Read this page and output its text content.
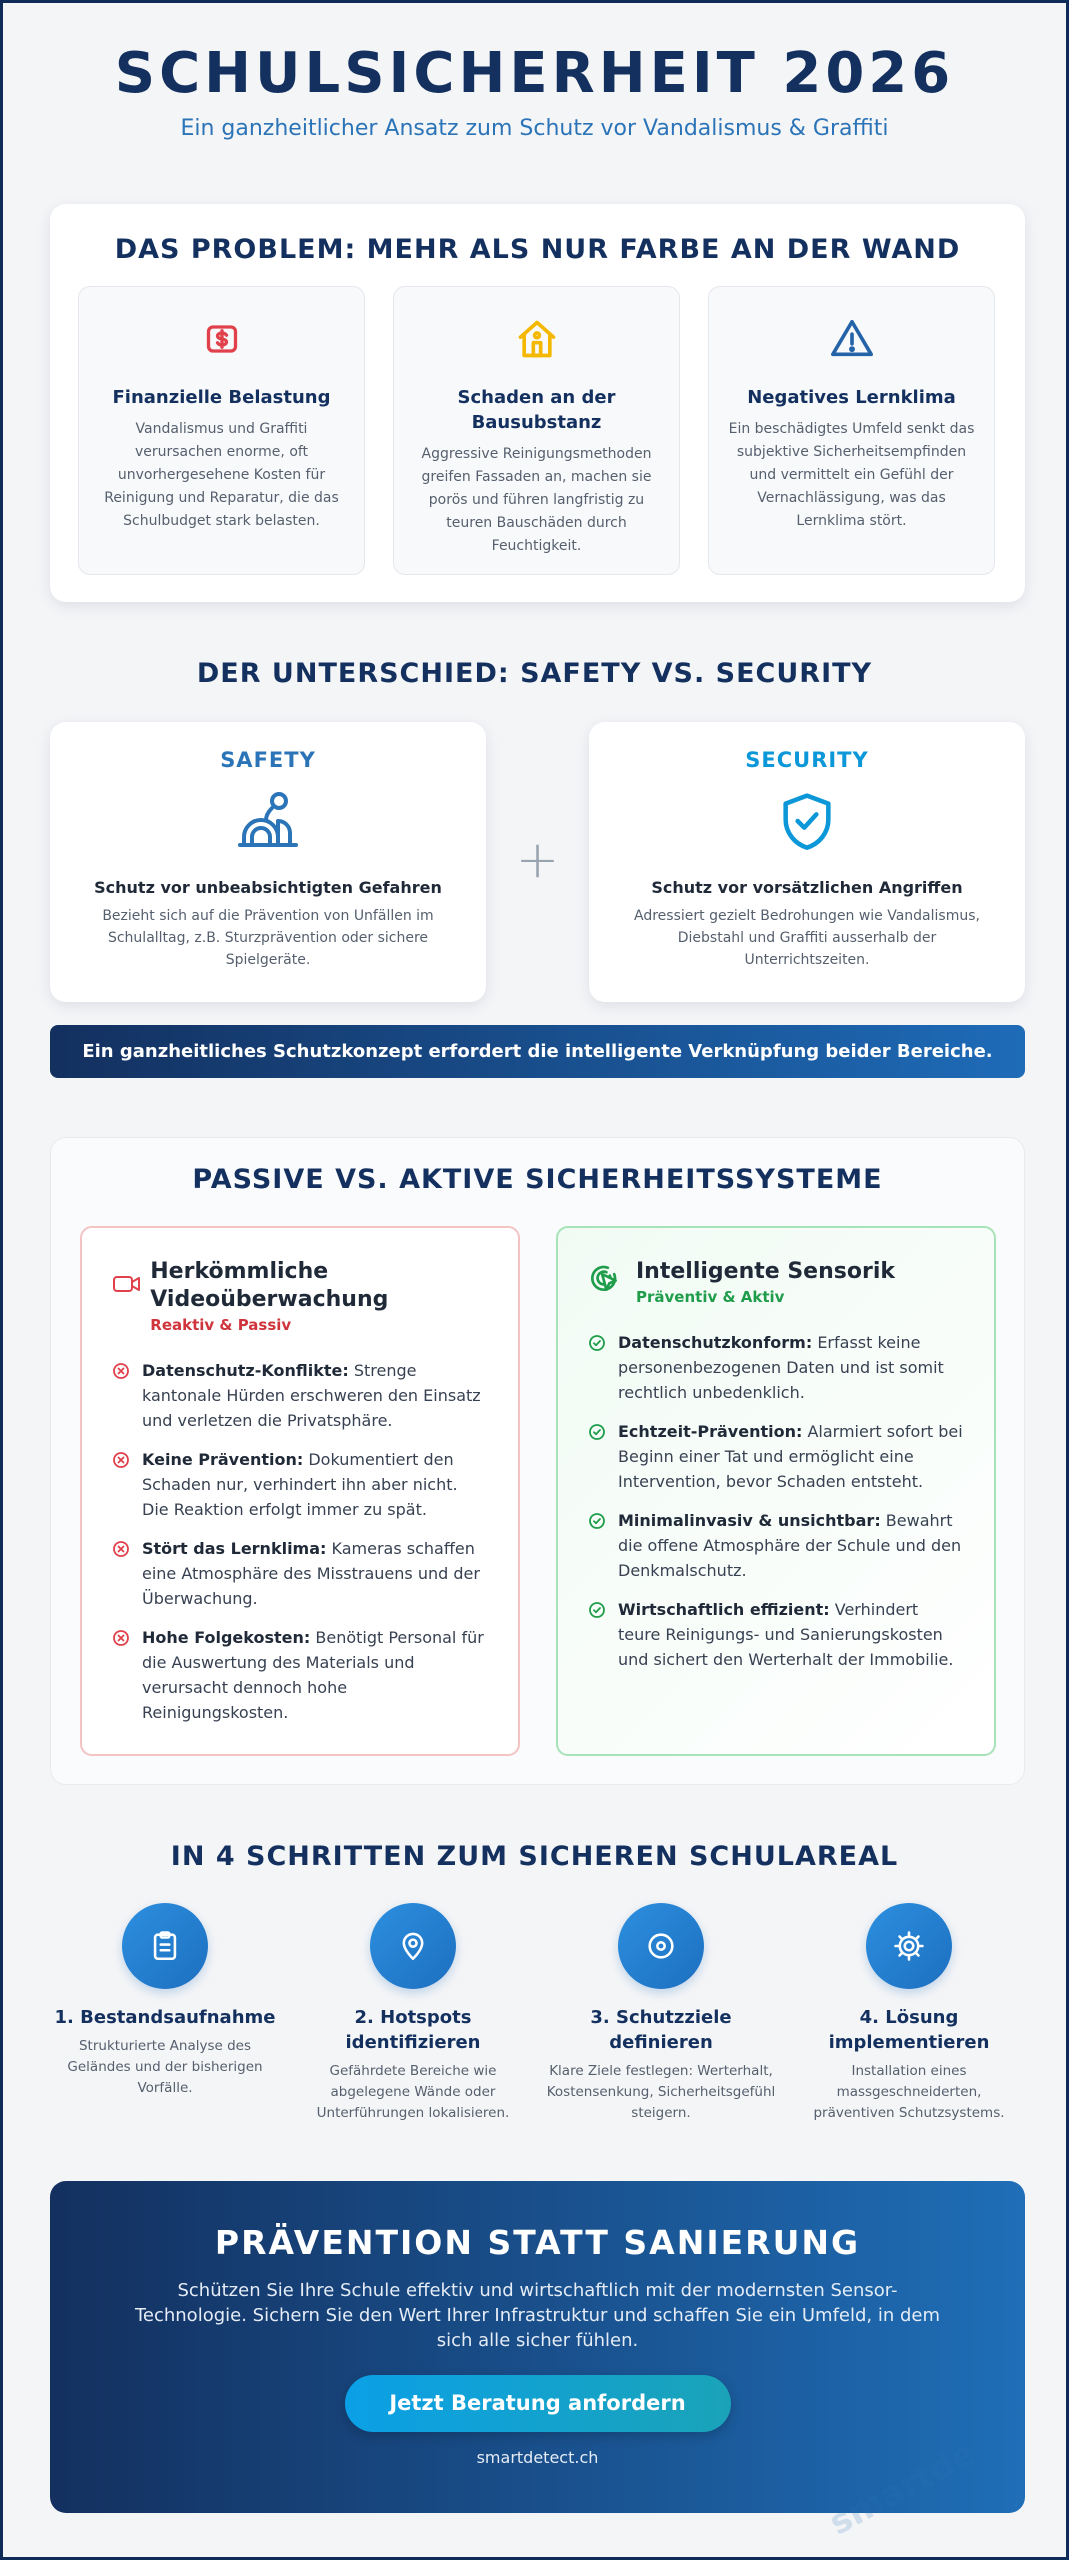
SCHULSICHERHEIT 2026
Ein ganzheitlicher Ansatz zum Schutz vor Vandalismus & Graffiti
DAS PROBLEM: MEHR ALS NUR FARBE AN DER WAND
Finanzielle Belastung

Vandalismus und Graffiti verursachen enorme, oft unvorhergesehene Kosten für Reinigung und Reparatur, die das Schulbudget stark belasten.

Schaden an der Bausubstanz

Aggressive Reinigungsmethoden greifen Fassaden an, machen sie porös und führen langfristig zu teuren Bauschäden durch Feuchtigkeit.

Negatives Lernklima

Ein beschädigtes Umfeld senkt das subjektive Sicherheitsempfinden und vermittelt ein Gefühl der Vernachlässigung, was das Lernklima stört.

DER UNTERSCHIED: SAFETY VS. SECURITY
SAFETY
Schutz vor unbeabsichtigten Gefahren

Bezieht sich auf die Prävention von Unfällen im Schulalltag, z.B. Sturzprävention oder sichere Spielgeräte.

+
SECURITY
Schutz vor vorsätzlichen Angriffen

Adressiert gezielt Bedrohungen wie Vandalismus, Diebstahl und Graffiti ausserhalb der Unterrichtszeiten.

Ein ganzheitliches Schutzkonzept erfordert die intelligente Verknüpfung beider Bereiche.
PASSIVE VS. AKTIVE SICHERHEITSSYSTEME
Herkömmliche Videoüberwachung
Reaktiv & Passiv
Datenschutz-Konflikte: Strenge kantonale Hürden erschweren den Einsatz und verletzen die Privatsphäre.
Keine Prävention: Dokumentiert den Schaden nur, verhindert ihn aber nicht. Die Reaktion erfolgt immer zu spät.
Stört das Lernklima: Kameras schaffen eine Atmosphäre des Misstrauens und der Überwachung.
Hohe Folgekosten: Benötigt Personal für die Auswertung des Materials und verursacht dennoch hohe Reinigungskosten.
Intelligente Sensorik
Präventiv & Aktiv
Datenschutzkonform: Erfasst keine personenbezogenen Daten und ist somit rechtlich unbedenklich.
Echtzeit-Prävention: Alarmiert sofort bei Beginn einer Tat und ermöglicht eine Intervention, bevor Schaden entsteht.
Minimalinvasiv & unsichtbar: Bewahrt die offene Atmosphäre der Schule und den Denkmalschutz.
Wirtschaftlich effizient: Verhindert teure Reinigungs- und Sanierungskosten und sichert den Werterhalt der Immobilie.
IN 4 SCHRITTEN ZUM SICHEREN SCHULAREAL
1. Bestandsaufnahme

Strukturierte Analyse des Geländes und der bisherigen Vorfälle.

2. Hotspots identifizieren

Gefährdete Bereiche wie abgelegene Wände oder Unterführungen lokalisieren.

3. Schutzziele definieren

Klare Ziele festlegen: Werterhalt, Kostensenkung, Sicherheitsgefühl steigern.

4. Lösung implementieren

Installation eines massgeschneiderten, präventiven Schutzsystems.

PRÄVENTION STATT SANIERUNG

Schützen Sie Ihre Schule effektiv und wirtschaftlich mit der modernsten Sensor-Technologie. Sichern Sie den Wert Ihrer Infrastruktur und schaffen Sie ein Umfeld, in dem sich alle sicher fühlen.

Jetzt Beratung anfordern
smartdetect.ch	smartde
